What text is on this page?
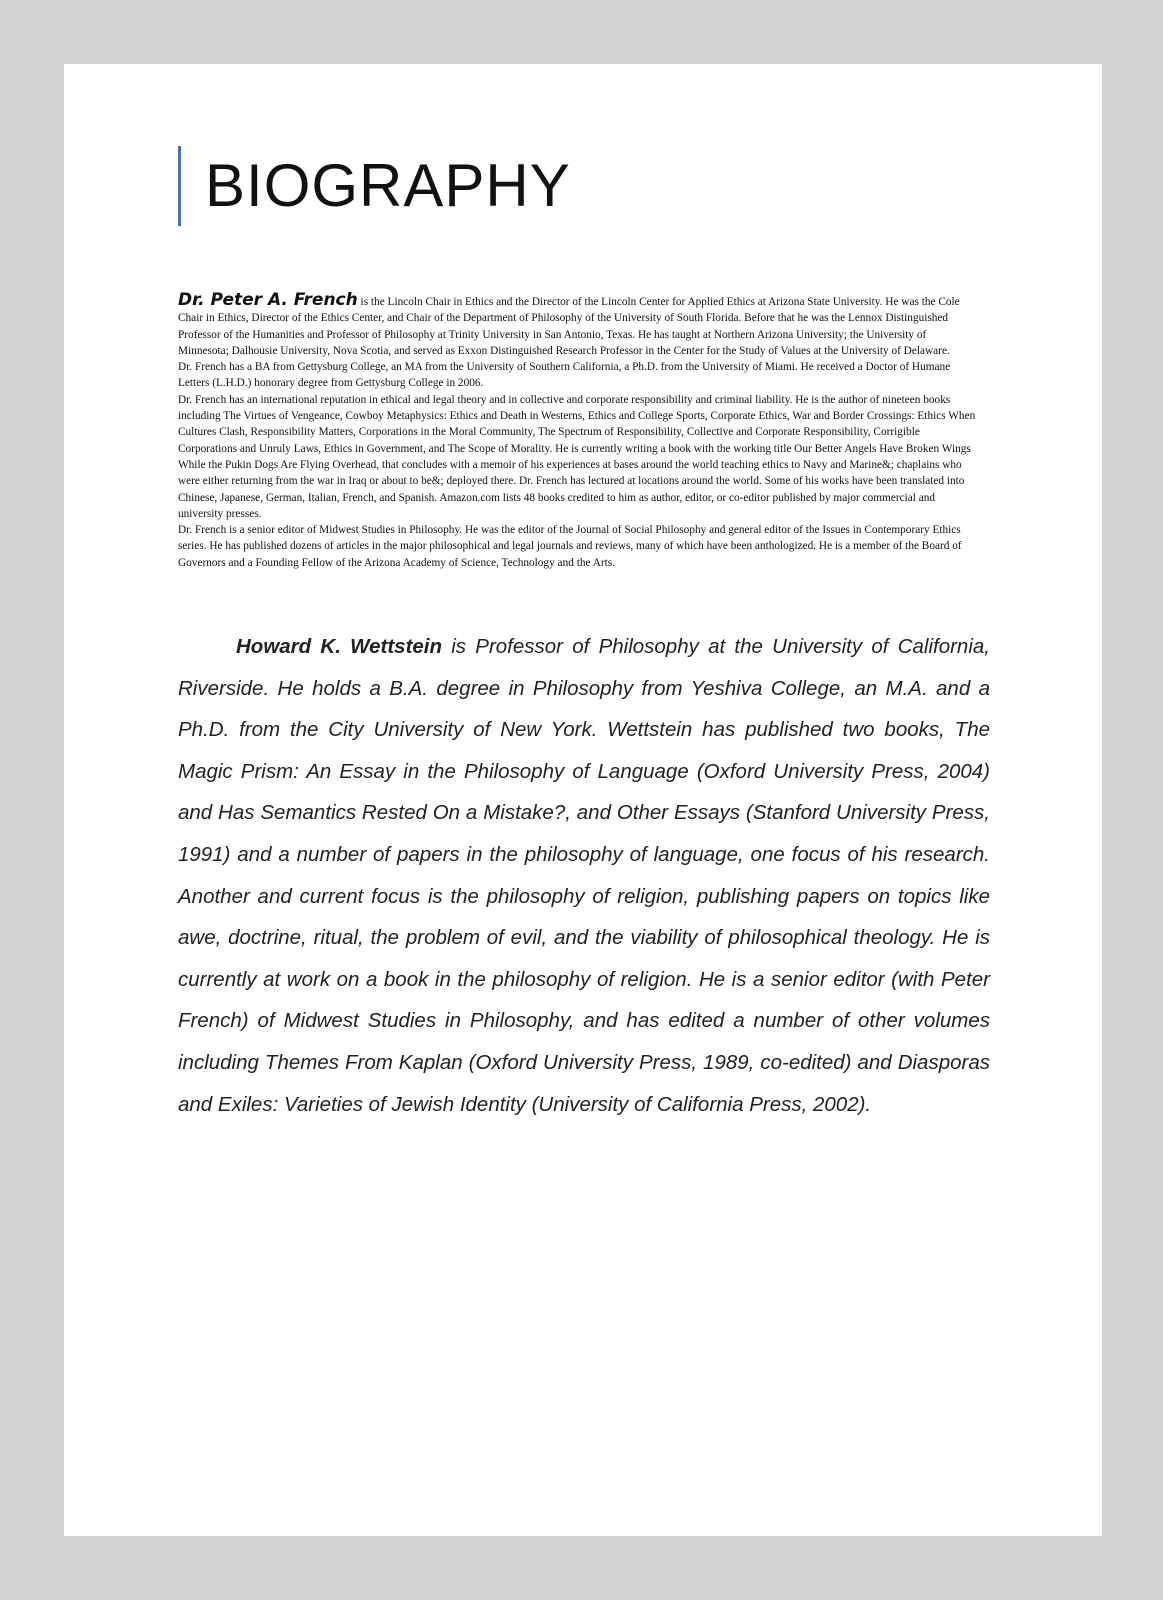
BIOGRAPHY

Dr. Peter A. French is the Lincoln Chair in Ethics and the Director of the Lincoln Center for Applied Ethics at Arizona State University. He was the Cole Chair in Ethics, Director of the Ethics Center, and Chair of the Department of Philosophy of the University of South Florida. Before that he was the Lennox Distinguished Professor of the Humanities and Professor of Philosophy at Trinity University in San Antonio, Texas. He has taught at Northern Arizona University; the University of Minnesota; Dalhousie University, Nova Scotia, and served as Exxon Distinguished Research Professor in the Center for the Study of Values at the University of Delaware.

Dr. French has a BA from Gettysburg College, an MA from the University of Southern California, a Ph.D. from the University of Miami. He received a Doctor of Humane Letters (L.H.D.) honorary degree from Gettysburg College in 2006.

Dr. French has an international reputation in ethical and legal theory and in collective and corporate responsibility and criminal liability. He is the author of nineteen books including The Virtues of Vengeance, Cowboy Metaphysics: Ethics and Death in Westerns, Ethics and College Sports, Corporate Ethics, War and Border Crossings: Ethics When Cultures Clash, Responsibility Matters, Corporations in the Moral Community, The Spectrum of Responsibility, Collective and Corporate Responsibility, Corrigible Corporations and Unruly Laws, Ethics in Government, and The Scope of Morality. He is currently writing a book with the working title Our Better Angels Have Broken Wings While the Pukin Dogs Are Flying Overhead, that concludes with a memoir of his experiences at bases around the world teaching ethics to Navy and Marine&; chaplains who were either returning from the war in Iraq or about to be&; deployed there. Dr. French has lectured at locations around the world. Some of his works have been translated into Chinese, Japanese, German, Italian, French, and Spanish. Amazon.com lists 48 books credited to him as author, editor, or co-editor published by major commercial and university presses.

Dr. French is a senior editor of Midwest Studies in Philosophy. He was the editor of the Journal of Social Philosophy and general editor of the Issues in Contemporary Ethics series. He has published dozens of articles in the major philosophical and legal journals and reviews, many of which have been anthologized. He is a member of the Board of Governors and a Founding Fellow of the Arizona Academy of Science, Technology and the Arts.

Howard K. Wettstein is Professor of Philosophy at the University of California, Riverside. He holds a B.A. degree in Philosophy from Yeshiva College, an M.A. and a Ph.D. from the City University of New York. Wettstein has published two books, The Magic Prism: An Essay in the Philosophy of Language (Oxford University Press, 2004) and Has Semantics Rested On a Mistake?, and Other Essays (Stanford University Press, 1991) and a number of papers in the philosophy of language, one focus of his research. Another and current focus is the philosophy of religion, publishing papers on topics like awe, doctrine, ritual, the problem of evil, and the viability of philosophical theology. He is currently at work on a book in the philosophy of religion. He is a senior editor (with Peter French) of Midwest Studies in Philosophy, and has edited a number of other volumes including Themes From Kaplan (Oxford University Press, 1989, co-edited) and Diasporas and Exiles: Varieties of Jewish Identity (University of California Press, 2002).
